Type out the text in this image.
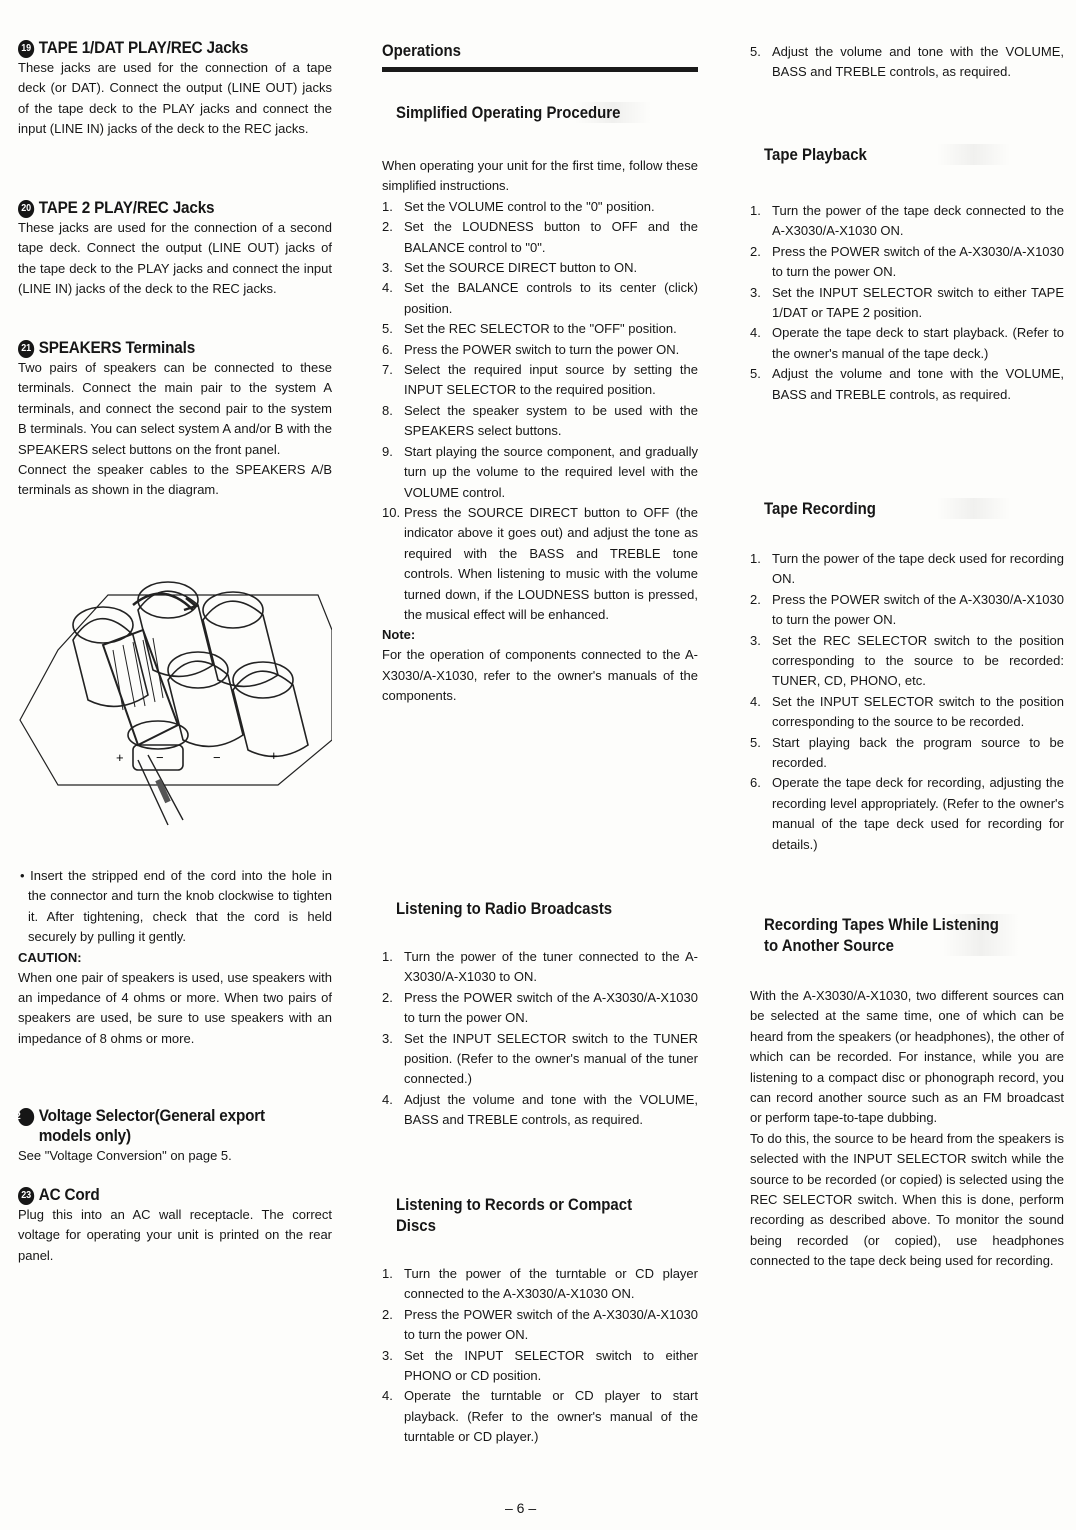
19 TAPE 1/DAT PLAY/REC Jacks

These jacks are used for the connection of a tape deck (or DAT). Connect the output (LINE OUT) jacks of the tape deck to the PLAY jacks and connect the input (LINE IN) jacks of the deck to the REC jacks.

20 TAPE 2 PLAY/REC Jacks

These jacks are used for the connection of a second tape deck. Connect the output (LINE OUT) jacks of the tape deck to the PLAY jacks and connect the input (LINE IN) jacks of the deck to the REC jacks.

21 SPEAKERS Terminals

Two pairs of speakers can be connected to these terminals. Connect the main pair to the system A terminals, and connect the second pair to the system B terminals. You can select system A and/or B with the SPEAKERS select buttons on the front panel.

Connect the speaker cables to the SPEAKERS A/B terminals as shown in the diagram.

+ −	−	+

• Insert the stripped end of the cord into the hole in the connector and turn the knob clockwise to tighten it. After tightening, check that the cord is held securely by pulling it gently.

CAUTION:

When one pair of speakers is used, use speakers with an impedance of 4 ohms or more. When two pairs of speakers are used, be sure to use speakers with an impedance of 8 ohms or more.

22 Voltage Selector(General export models only)

See "Voltage Conversion" on page 5.

23 AC Cord

Plug this into an AC wall receptacle. The correct voltage for operating your unit is printed on the rear panel.

Operations
Simplified Operating Procedure

When operating your unit for the first time, follow these simplified instructions.

1. Set the VOLUME control to the "0" position.
2. Set the LOUDNESS button to OFF and the BALANCE control to "0".
3. Set the SOURCE DIRECT button to ON.
4. Set the BALANCE controls to its center (click) position.
5. Set the REC SELECTOR to the "OFF" position.
6. Press the POWER switch to turn the power ON.
7. Select the required input source by setting the INPUT SELECTOR to the required position.
8. Select the speaker system to be used with the SPEAKERS select buttons.
9. Start playing the source component, and gradually turn up the volume to the required level with the VOLUME control.
10. Press the SOURCE DIRECT button to OFF (the indicator above it goes out) and adjust the tone as required with the BASS and TREBLE tone controls. When listening to music with the volume turned down, if the LOUDNESS button is pressed, the musical effect will be enhanced.

Note:

For the operation of components connected to the A-X3030/A-X1030, refer to the owner's manuals of the components.

Listening to Radio Broadcasts
1. Turn the power of the tuner connected to the A-X3030/A-X1030 to ON.
2. Press the POWER switch of the A-X3030/A-X1030 to turn the power ON.
3. Set the INPUT SELECTOR switch to the TUNER position. (Refer to the owner's manual of the tuner connected.)
4. Adjust the volume and tone with the VOLUME, BASS and TREBLE controls, as required.
Listening to Records or Compact Discs
1. Turn the power of the turntable or CD player connected to the A-X3030/A-X1030 ON.
2. Press the POWER switch of the A-X3030/A-X1030 to turn the power ON.
3. Set the INPUT SELECTOR switch to either PHONO or CD position.
4. Operate the turntable or CD player to start playback. (Refer to the owner's manual of the turntable or CD player.)
5. Adjust the volume and tone with the VOLUME, BASS and TREBLE controls, as required.
Tape Playback
1. Turn the power of the tape deck connected to the A-X3030/A-X1030 ON.
2. Press the POWER switch of the A-X3030/A-X1030 to turn the power ON.
3. Set the INPUT SELECTOR switch to either TAPE 1/DAT or TAPE 2 position.
4. Operate the tape deck to start playback. (Refer to the owner's manual of the tape deck.)
5. Adjust the volume and tone with the VOLUME, BASS and TREBLE controls, as required.
Tape Recording
1. Turn the power of the tape deck used for recording ON.
2. Press the POWER switch of the A-X3030/A-X1030 to turn the power ON.
3. Set the REC SELECTOR switch to the position corresponding to the source to be recorded: TUNER, CD, PHONO, etc.
4. Set the INPUT SELECTOR switch to the position corresponding to the source to be recorded.
5. Start playing back the program source to be recorded.
6. Operate the tape deck for recording, adjusting the recording level appropriately. (Refer to the owner's manual of the tape deck used for recording for details.)
Recording Tapes While Listening
to Another Source

With the A-X3030/A-X1030, two different sources can be selected at the same time, one of which can be heard from the speakers (or headphones), the other of which can be recorded. For instance, while you are listening to a compact disc or phonograph record, you can record another source such as an FM broadcast or perform tape-to-tape dubbing.

To do this, the source to be heard from the speakers is selected with the INPUT SELECTOR switch while the source to be recorded (or copied) is selected using the REC SELECTOR switch. When this is done, perform recording as described above. To monitor the sound being recorded (or copied), use headphones connected to the tape deck being used for recording.

– 6 –
